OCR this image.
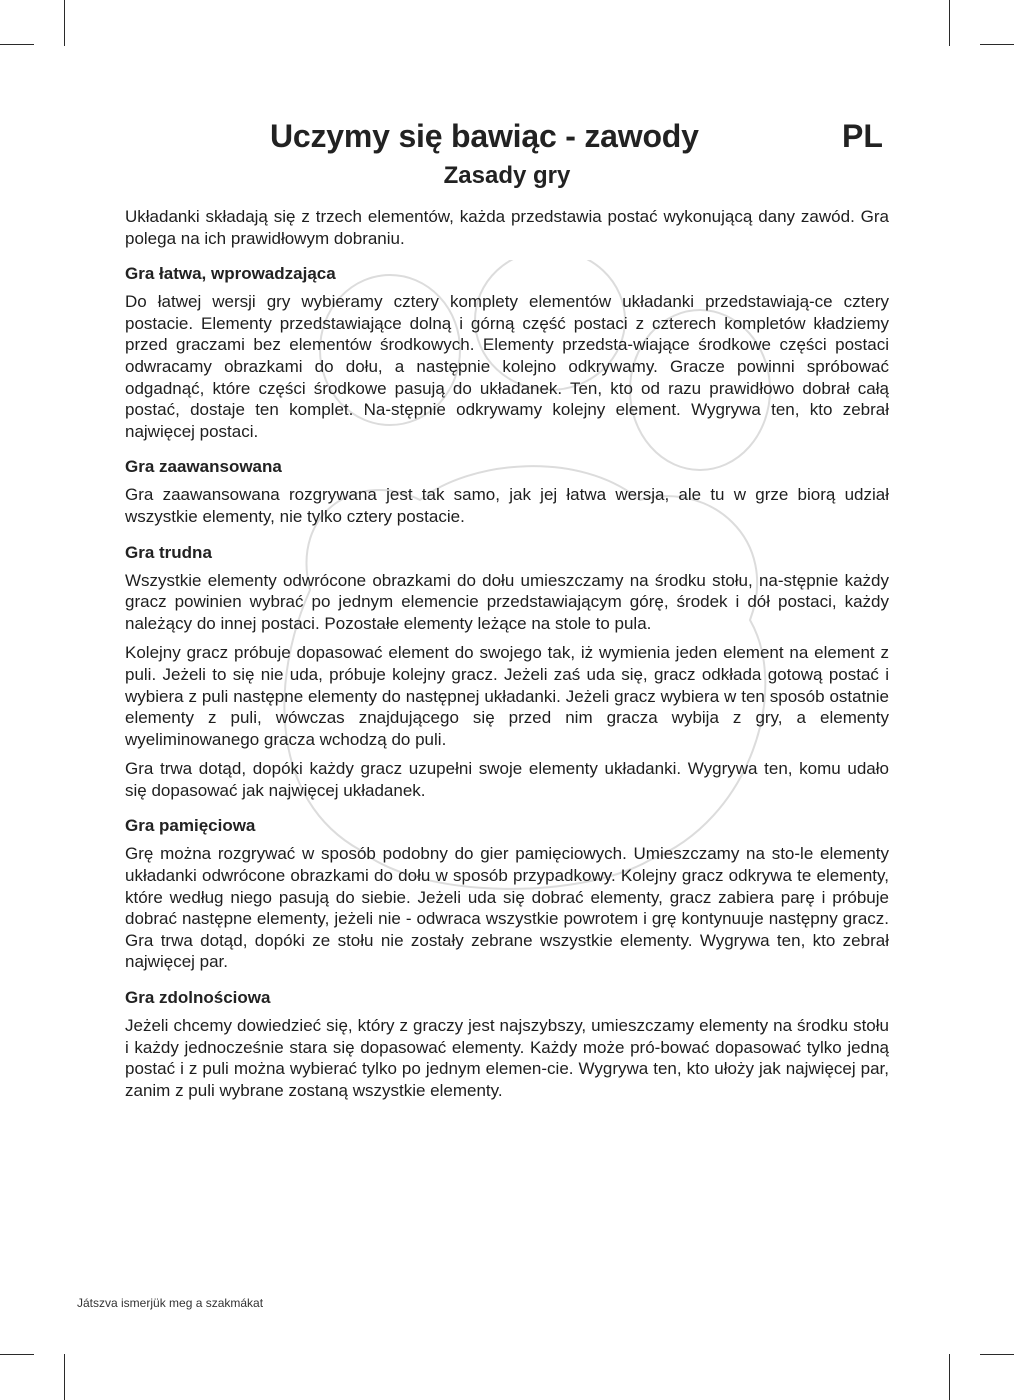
Uczymy się bawiąc - zawody	PL
Zasady gry

Układanki składają się z trzech elementów, każda przedstawia postać wykonującą dany zawód. Gra polega na ich prawidłowym dobraniu.

Gra łatwa, wprowadzająca

Do łatwej wersji gry wybieramy cztery komplety elementów układanki przedstawiają-ce cztery postacie. Elementy przedstawiające dolną i górną część postaci z czterech kompletów kładziemy przed graczami bez elementów środkowych. Elementy przedsta-wiające środkowe części postaci odwracamy obrazkami do dołu, a następnie kolejno odkrywamy. Gracze powinni spróbować odgadnąć, które części środkowe pasują do układanek. Ten, kto od razu prawidłowo dobrał całą postać, dostaje ten komplet. Na-stępnie odkrywamy kolejny element. Wygrywa ten, kto zebrał najwięcej postaci.

Gra zaawansowana

Gra zaawansowana rozgrywana jest tak samo, jak jej łatwa wersja, ale tu w grze biorą udział wszystkie elementy, nie tylko cztery postacie.

Gra trudna

Wszystkie elementy odwrócone obrazkami do dołu umieszczamy na środku stołu, na-stępnie każdy gracz powinien wybrać po jednym elemencie przedstawiającym górę, środek i dół postaci, każdy należący do innej postaci. Pozostałe elementy leżące na stole to pula.

Kolejny gracz próbuje dopasować element do swojego tak, iż wymienia jeden element na element z puli. Jeżeli to się nie uda, próbuje kolejny gracz. Jeżeli zaś uda się, gracz odkłada gotową postać i wybiera z puli następne elementy do następnej układanki. Jeżeli gracz wybiera w ten sposób ostatnie elementy z puli, wówczas znajdującego się przed nim gracza wybija z gry, a elementy wyeliminowanego gracza wchodzą do puli.

Gra trwa dotąd, dopóki każdy gracz uzupełni swoje elementy układanki. Wygrywa ten, komu udało się dopasować jak najwięcej układanek.

Gra pamięciowa

Grę można rozgrywać w sposób podobny do gier pamięciowych. Umieszczamy na sto-le elementy układanki odwrócone obrazkami do dołu w sposób przypadkowy. Kolejny gracz odkrywa te elementy, które według niego pasują do siebie. Jeżeli uda się dobrać elementy, gracz zabiera parę i próbuje dobrać następne elementy, jeżeli nie - odwraca wszystkie powrotem i grę kontynuuje następny gracz. Gra trwa dotąd, dopóki ze stołu nie zostały zebrane wszystkie elementy. Wygrywa ten, kto zebrał najwięcej par.

Gra zdolnościowa

Jeżeli chcemy dowiedzieć się, który z graczy jest najszybszy, umieszczamy elementy na środku stołu i każdy jednocześnie stara się dopasować elementy. Każdy może pró-bować dopasować tylko jedną postać i z puli można wybierać tylko po jednym elemen-cie. Wygrywa ten, kto ułoży jak najwięcej par, zanim z puli wybrane zostaną wszystkie elementy.

Játszva ismerjük meg a szakmákat
